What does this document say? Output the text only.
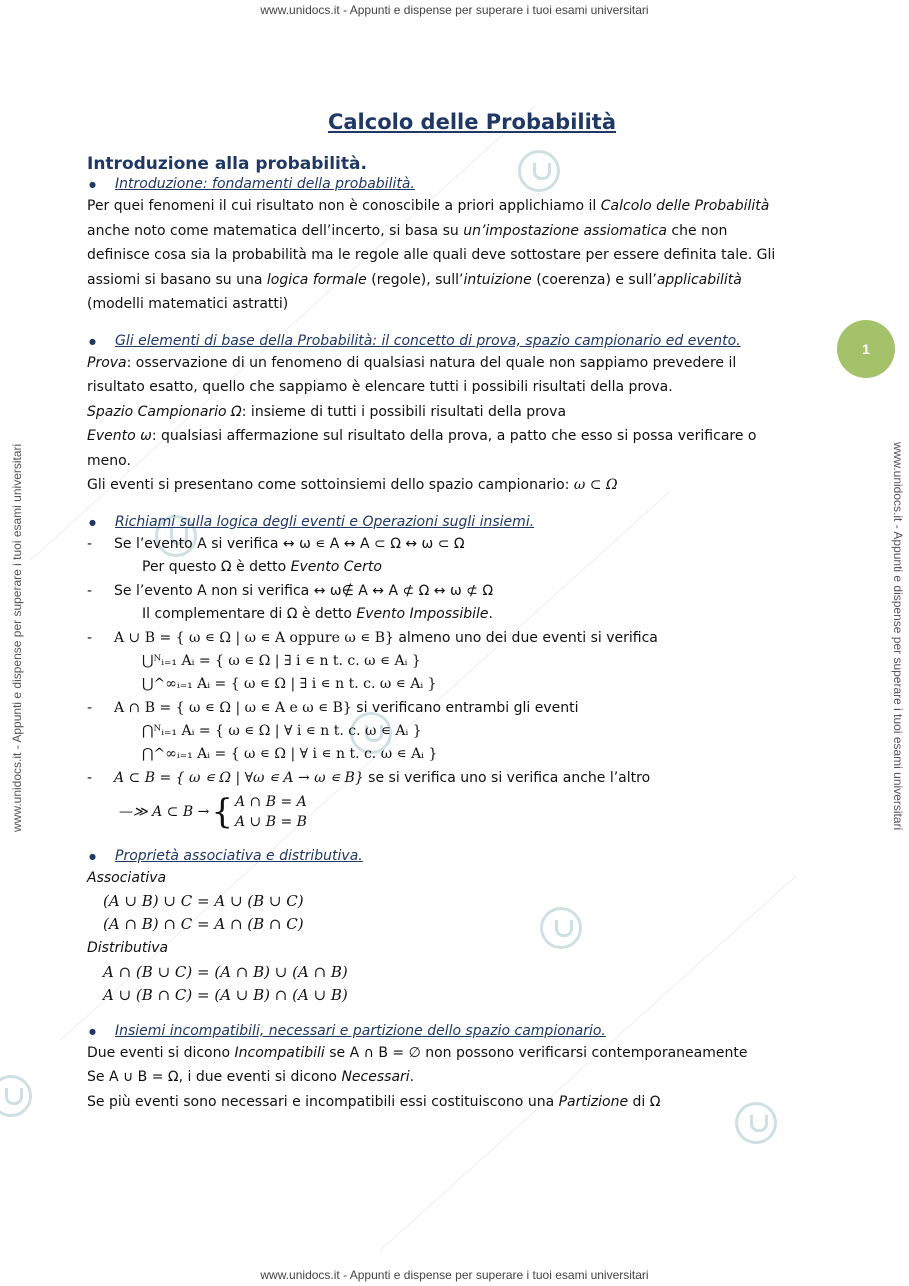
www.unidocs.it - Appunti e dispense per superare i tuoi esami universitari
www.unidocs.it - Appunti e dispense per superare i tuoi esami universitari
www.unidocs.it - Appunti e dispense per superare i tuoi esami universitari	www.unidocs.it - Appunti e dispense per superare i tuoi esami universitari
1
Calcolo delle Probabilità
Introduzione alla probabilità.
● Introduzione: fondamenti della probabilità.
Per quei fenomeni il cui risultato non è conoscibile a priori applichiamo il Calcolo delle Probabilità
anche noto come matematica dell’incerto, si basa su un’impostazione assiomatica che non
definisce cosa sia la probabilità ma le regole alle quali deve sottostare per essere definita tale. Gli
assiomi si basano su una logica formale (regole), sull’intuizione (coerenza) e sull’applicabilità
(modelli matematici astratti)
● Gli elementi di base della Probabilità: il concetto di prova, spazio campionario ed evento.
Prova: osservazione di un fenomeno di qualsiasi natura del quale non sappiamo prevedere il
risultato esatto, quello che sappiamo è elencare tutti i possibili risultati della prova.
Spazio Campionario Ω: insieme di tutti i possibili risultati della prova
Evento ω: qualsiasi affermazione sul risultato della prova, a patto che esso si possa verificare o
meno.
Gli eventi si presentano come sottoinsiemi dello spazio campionario: ω ⊂ Ω
● Richiami sulla logica degli eventi e Operazioni sugli insiemi.
- Se l’evento A si verifica ↔ ω ∊ A ↔ A ⊂ Ω ↔ ω ⊂ Ω
Per questo Ω è detto Evento Certo
- Se l’evento A non si verifica ↔ ω∉ A ↔ A ⊄ Ω ↔ ω ⊄ Ω
Il complementare di Ω è detto Evento Impossibile.
- A ∪ B = { ω ∊ Ω | ω ∊ A oppure ω ∊ B} almeno uno dei due eventi si verifica
⋃ᴺᵢ₌₁ Aᵢ = { ω ∊ Ω | ∃ i ∊ n t. c. ω ∊ Aᵢ }
⋃^∞ᵢ₌₁ Aᵢ = { ω ∊ Ω | ∃ i ∊ n t. c. ω ∊ Aᵢ }
- A ∩ B = { ω ∊ Ω | ω ∊ A e ω ∊ B} si verificano entrambi gli eventi
⋂ᴺᵢ₌₁ Aᵢ = { ω ∊ Ω | ∀ i ∊ n t. c. ω ∊ Aᵢ }
⋂^∞ᵢ₌₁ Aᵢ = { ω ∊ Ω | ∀ i ∊ n t. c. ω ∊ Aᵢ }
- A ⊂ B = { ω ∊ Ω | ∀ω ∊ A → ω ∊ B} se si verifica uno si verifica anche l’altro
—≫ A ⊂ B → { A ∩ B = A
A ∪ B = B
● Proprietà associativa e distributiva.
Associativa
(A ∪ B) ∪ C = A ∪ (B ∪ C)
(A ∩ B) ∩ C = A ∩ (B ∩ C)
Distributiva
A ∩ (B ∪ C) = (A ∩ B) ∪ (A ∩ B)
A ∪ (B ∩ C) = (A ∪ B) ∩ (A ∪ B)
● Insiemi incompatibili, necessari e partizione dello spazio campionario.
Due eventi si dicono Incompatibili se A ∩ B = ∅ non possono verificarsi contemporaneamente
Se A ∪ B = Ω, i due eventi si dicono Necessari.
Se più eventi sono necessari e incompatibili essi costituiscono una Partizione di Ω
